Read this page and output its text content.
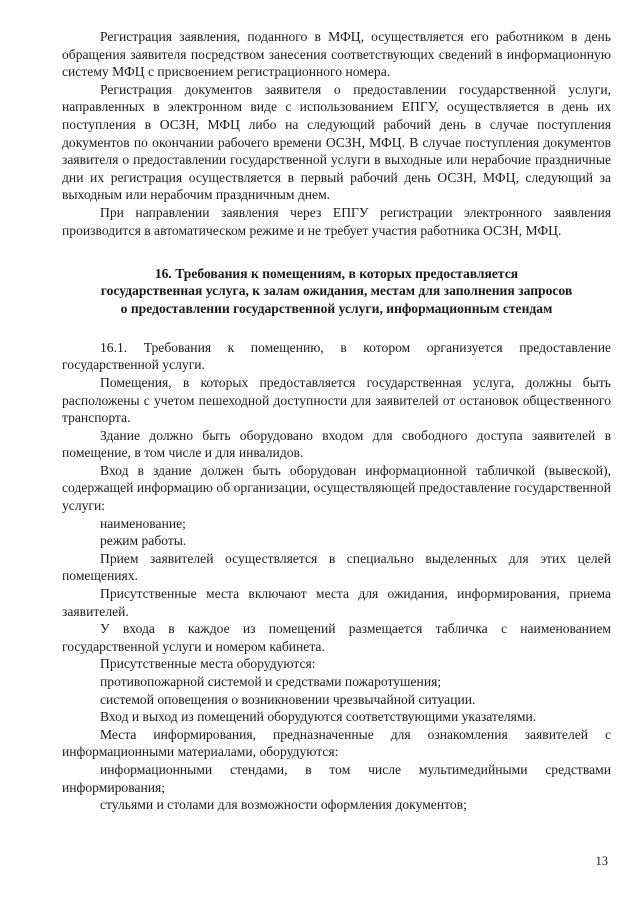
Регистрация заявления, поданного в МФЦ, осуществляется его работником в день обращения заявителя посредством занесения соответствующих сведений в информационную систему МФЦ с присвоением регистрационного номера.

Регистрация документов заявителя о предоставлении государственной услуги, направленных в электронном виде с использованием ЕПГУ, осуществляется в день их поступления в ОСЗН, МФЦ либо на следующий рабочий день в случае поступления документов по окончании рабочего времени ОСЗН, МФЦ. В случае поступления документов заявителя о предоставлении государственной услуги в выходные или нерабочие праздничные дни их регистрация осуществляется в первый рабочий день ОСЗН, МФЦ, следующий за выходным или нерабочим праздничным днем.

При направлении заявления через ЕПГУ регистрации электронного заявления производится в автоматическом режиме и не требует участия работника ОСЗН, МФЦ.

16. Требования к помещениям, в которых предоставляется

государственная услуга, к залам ожидания, местам для заполнения запросов

о предоставлении государственной услуги, информационным стендам

16.1. Требования к помещению, в котором организуется предоставление государственной услуги.

Помещения, в которых предоставляется государственная услуга, должны быть расположены с учетом пешеходной доступности для заявителей от остановок общественного транспорта.

Здание должно быть оборудовано входом для свободного доступа заявителей в помещение, в том числе и для инвалидов.

Вход в здание должен быть оборудован информационной табличкой (вывеской), содержащей информацию об организации, осуществляющей предоставление государственной услуги:

наименование;

режим работы.

Прием заявителей осуществляется в специально выделенных для этих целей помещениях.

Присутственные места включают места для ожидания, информирования, приема заявителей.

У входа в каждое из помещений размещается табличка с наименованием государственной услуги и номером кабинета.

Присутственные места оборудуются:

противопожарной системой и средствами пожаротушения;

системой оповещения о возникновении чрезвычайной ситуации.

Вход и выход из помещений оборудуются соответствующими указателями.

Места информирования, предназначенные для ознакомления заявителей с информационными материалами, оборудуются:

информационными стендами, в том числе мультимедийными средствами информирования;

стульями и столами для возможности оформления документов;

13
